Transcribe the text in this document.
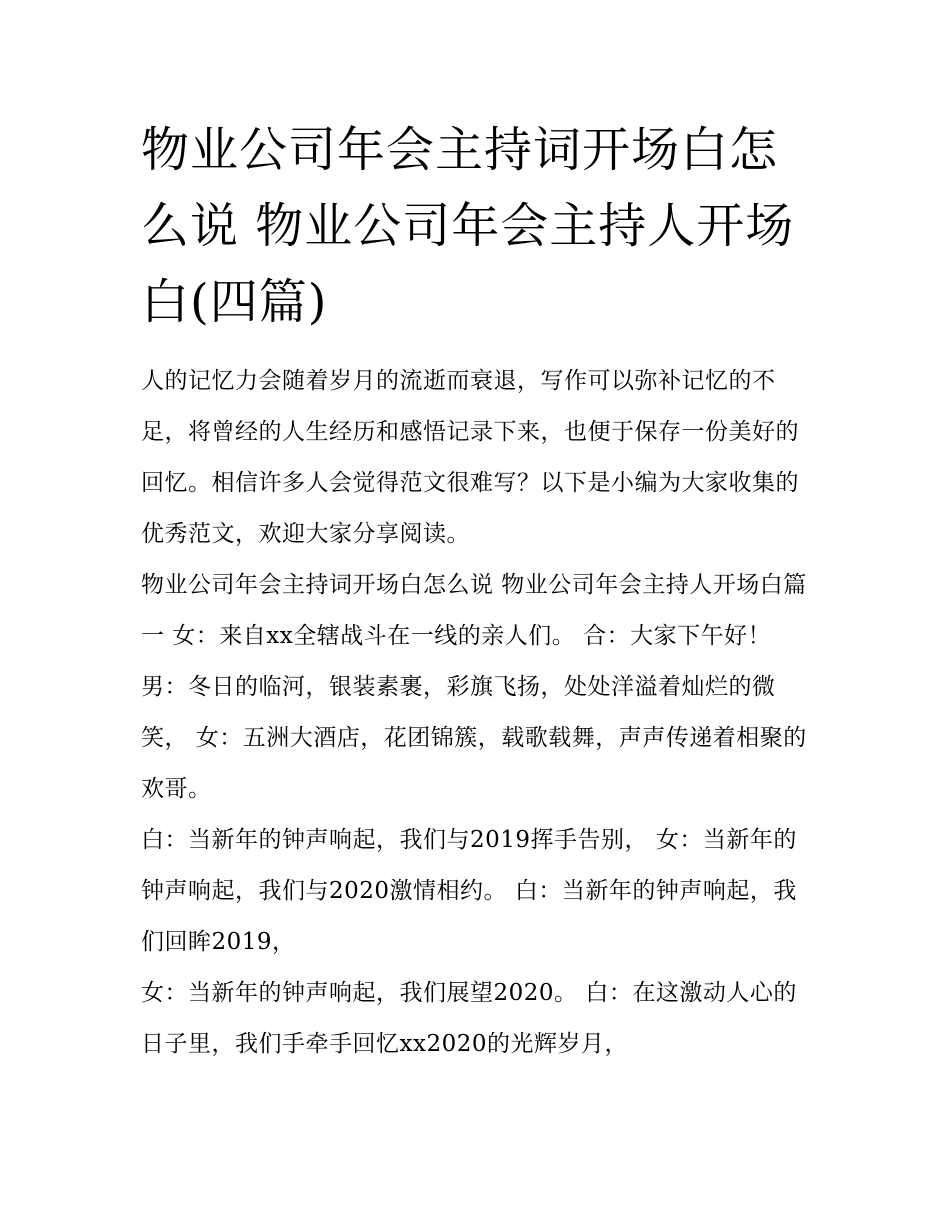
物业公司年会主持词开场白怎么说 物业公司年会主持人开场白(四篇)

人的记忆力会随着岁月的流逝而衰退，写作可以弥补记忆的不足，将曾经的人生经历和感悟记录下来，也便于保存一份美好的回忆。相信许多人会觉得范文很难写？以下是小编为大家收集的优秀范文，欢迎大家分享阅读。

物业公司年会主持词开场白怎么说 物业公司年会主持人开场白篇一 女：来自xx全辖战斗在一线的亲人们。 合：大家下午好！

男：冬日的临河，银装素裹，彩旗飞扬，处处洋溢着灿烂的微笑， 女：五洲大酒店，花团锦簇，载歌载舞，声声传递着相聚的欢哥。

白：当新年的钟声响起，我们与2019挥手告别， 女：当新年的钟声响起，我们与2020激情相约。 白：当新年的钟声响起，我们回眸2019，

女：当新年的钟声响起，我们展望2020。 白：在这激动人心的日子里，我们手牵手回忆xx2020的光辉岁月，
